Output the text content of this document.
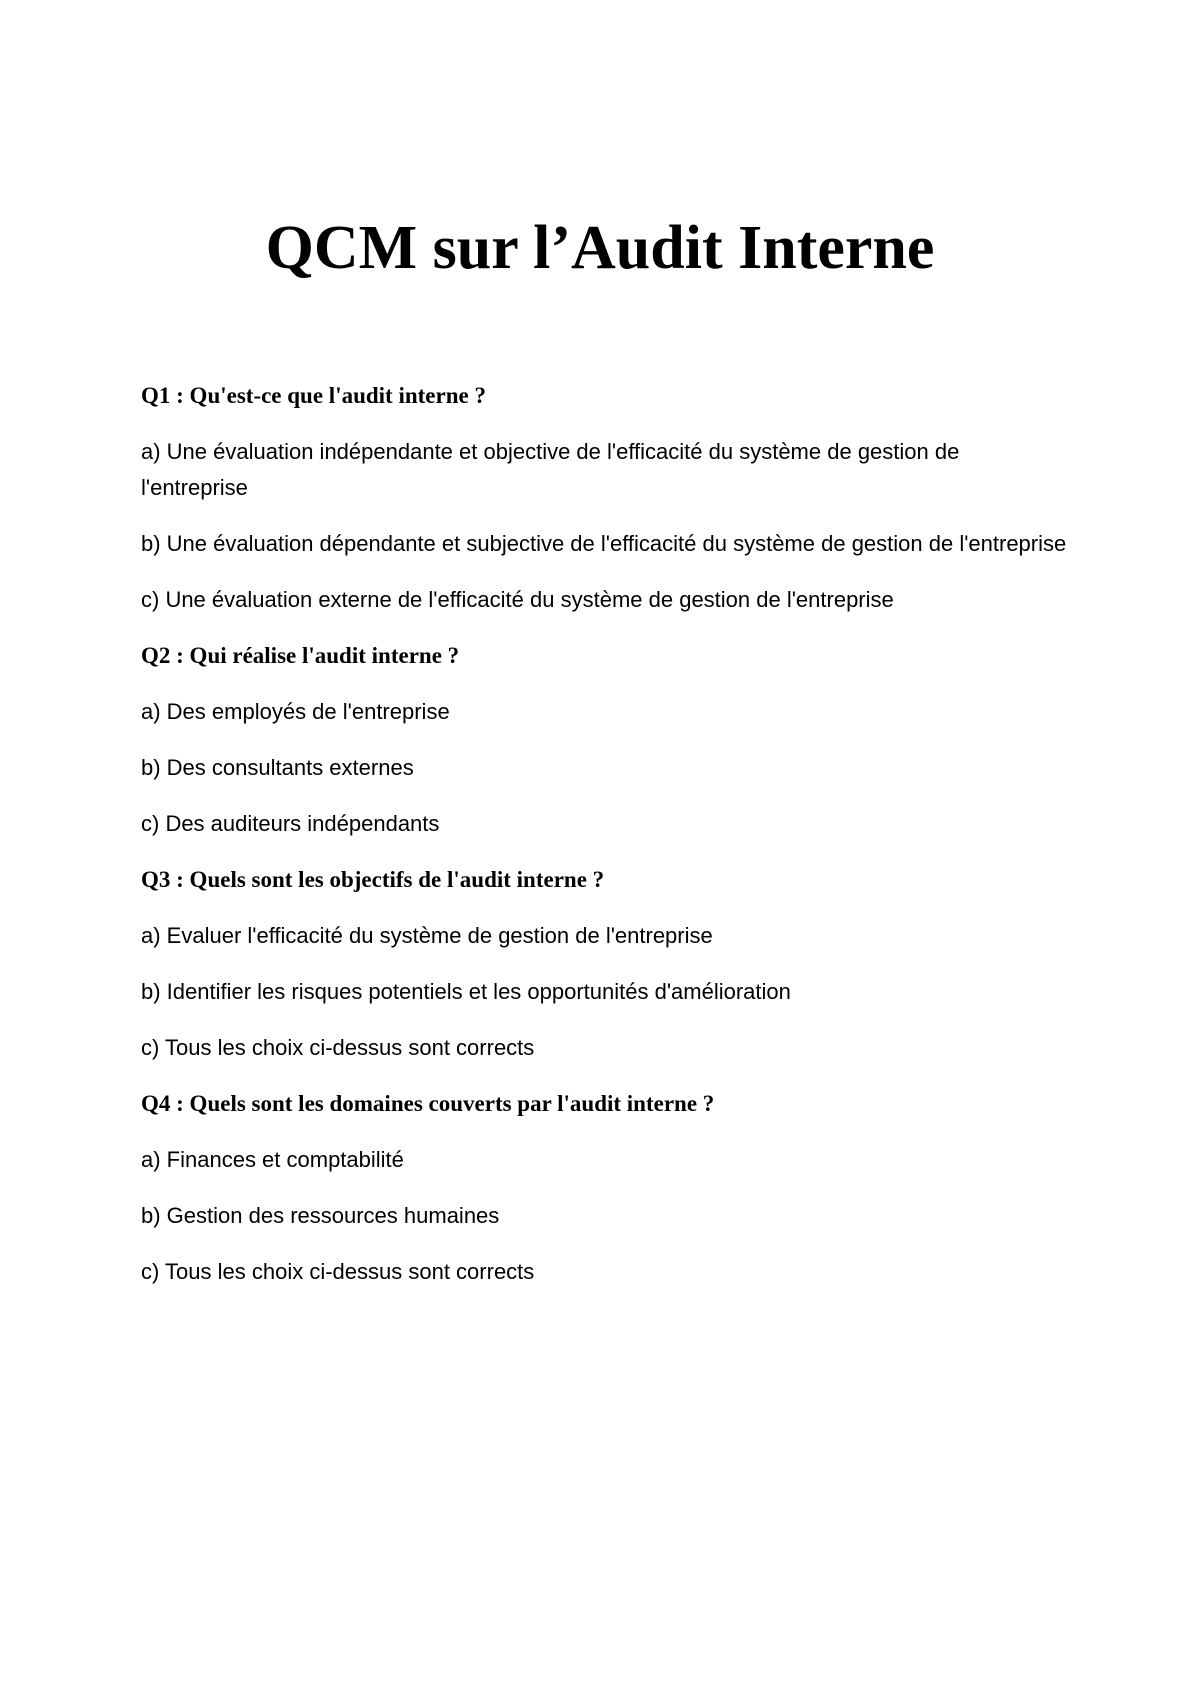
QCM sur l’Audit Interne

Q1 : Qu'est-ce que l'audit interne ?

a) Une évaluation indépendante et objective de l'efficacité du système de gestion de l'entreprise

b) Une évaluation dépendante et subjective de l'efficacité du système de gestion de l'entreprise

c) Une évaluation externe de l'efficacité du système de gestion de l'entreprise

Q2 : Qui réalise l'audit interne ?

a) Des employés de l'entreprise

b) Des consultants externes

c) Des auditeurs indépendants

Q3 : Quels sont les objectifs de l'audit interne ?

a) Evaluer l'efficacité du système de gestion de l'entreprise

b) Identifier les risques potentiels et les opportunités d'amélioration

c) Tous les choix ci-dessus sont corrects

Q4 : Quels sont les domaines couverts par l'audit interne ?

a) Finances et comptabilité

b) Gestion des ressources humaines

c) Tous les choix ci-dessus sont corrects
